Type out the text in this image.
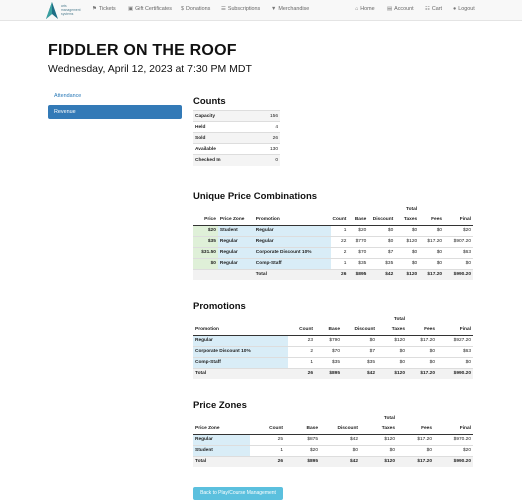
arts
management
systems
⚑ Tickets ▣ Gift Certificates $ Donations ☰ Subscriptions ▼ Merchandise	⌂ Home ▤ Account ☷ Cart ● Logout
FIDDLER ON THE ROOF
Wednesday, April 12, 2023 at 7:30 PM MDT
Attendance
Revenue
Counts
Capacity	156
Held	4
Sold	26
Available	130
Checked In	0
Unique Price Combinations
					Total			
Price	Price Zone	Promotion	Count	Base	Discount	Taxes	Fees	Final
$20	Student	Regular	1	$20	$0	$0	$0	$20
$35	Regular	Regular	22	$770	$0	$120	$17.20	$907.20
$31.50	Regular	Corporate Discount 10%	2	$70	$7	$0	$0	$63
$0	Regular	Comp-Staff	1	$35	$35	$0	$0	$0
		Total	26	$895	$42	$120	$17.20	$990.20
Promotions
			Total			
Promotion	Count	Base	Discount	Taxes	Fees	Final
Regular	23	$790	$0	$120	$17.20	$927.20
Corporate Discount 10%	2	$70	$7	$0	$0	$63
Comp-Staff	1	$35	$35	$0	$0	$0
Total	26	$895	$42	$120	$17.20	$990.20
Price Zones
			Total			
Price Zone	Count	Base	Discount	Taxes	Fees	Final
Regular	25	$875	$42	$120	$17.20	$970.20
Student	1	$20	$0	$0	$0	$20
Total	26	$895	$42	$120	$17.20	$990.20
Back to Play/Course Management
